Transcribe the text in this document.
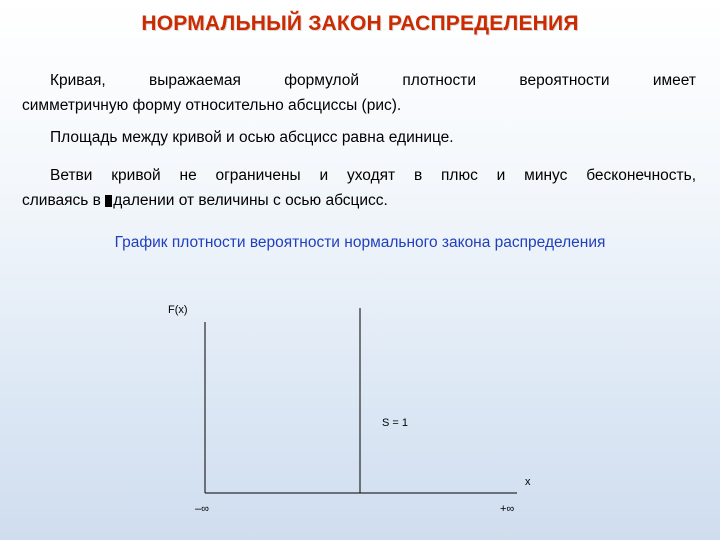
НОРМАЛЬНЫЙ ЗАКОН РАСПРЕДЕЛЕНИЯ
Кривая, выражаемая формулой плотности вероятности имеет
симметричную форму относительно абсциссы (рис).
Площадь между кривой и осью абсцисс равна единице.
Ветви кривой не ограничены и уходят в плюс и минус бесконечность,
сливаясь в далении от величины с осью абсцисс.
График плотности вероятности нормального закона распределения
F(x)
x
S = 1
–∞	+∞
